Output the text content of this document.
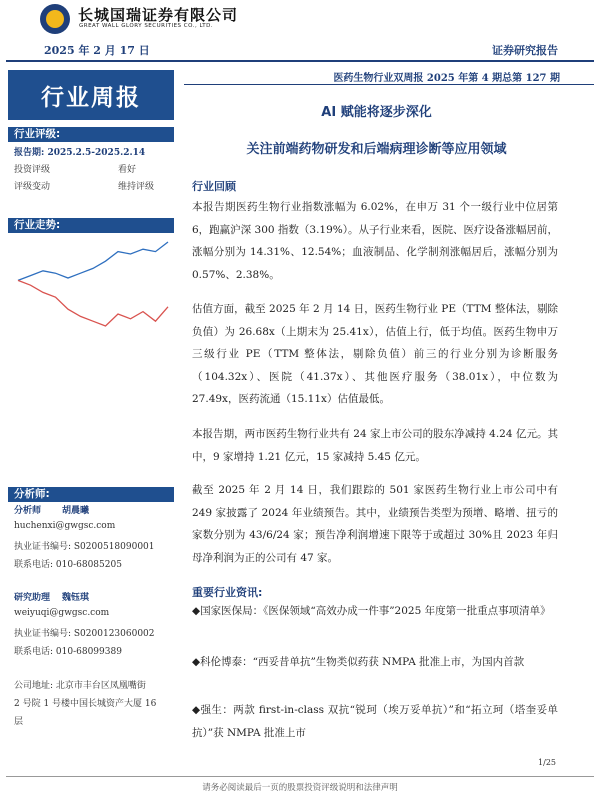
长城国瑞证券有限公司
GREAT WALL GLORY SECURITIES CO., LTD.
2025 年 2 月 17 日	证券研究报告
行业周报
行业评级:
报告期: 2025.2.5-2025.2.14
投资评级	看好
评级变动	维持评级
行业走势:
分析师:
分析师 胡晨曦
huchenxi@gwgsc.com
执业证书编号: S0200518090001
联系电话: 010-68085205
研究助理 魏钰琪
weiyuqi@gwgsc.com
执业证书编号: S0200123060002
联系电话: 010-68099389
公司地址: 北京市丰台区凤凰嘴街
2 号院 1 号楼中国长城资产大厦 16
层
医药生物行业双周报 2025 年第 4 期总第 127 期
AI 赋能将逐步深化
关注前端药物研发和后端病理诊断等应用领域
行业回顾
本报告期医药生物行业指数涨幅为 6.02%，在申万 31 个一级行业中位居第 6，跑赢沪深 300 指数（3.19%）。从子行业来看，医院、医疗设备涨幅居前，涨幅分别为 14.31%、12.54%；血液制品、化学制剂涨幅居后，涨幅分别为 0.57%、2.38%。
估值方面，截至 2025 年 2 月 14 日，医药生物行业 PE（TTM 整体法，剔除负值）为 26.68x（上期末为 25.41x），估值上行，低于均值。医药生物申万三级行业 PE（TTM 整体法，剔除负值）前三的行业分别为诊断服务（104.32x）、医院（41.37x）、其他医疗服务（38.01x），中位数为 27.49x，医药流通（15.11x）估值最低。
本报告期，两市医药生物行业共有 24 家上市公司的股东净减持 4.24 亿元。其中，9 家增持 1.21 亿元，15 家减持 5.45 亿元。
截至 2025 年 2 月 14 日，我们跟踪的 501 家医药生物行业上市公司中有 249 家披露了 2024 年业绩预告。其中，业绩预告类型为预增、略增、扭亏的家数分别为 43/6/24 家；预告净利润增速下限等于或超过 30%且 2023 年归母净利润为正的公司有 47 家。
重要行业资讯:
◆国家医保局：《医保领域“高效办成一件事”2025 年度第一批重点事项清单》
◆科伦博泰：“西妥昔单抗”生物类似药获 NMPA 批准上市，为国内首款
◆强生：两款 first-in-class 双抗“锐珂（埃万妥单抗）”和“拓立珂（塔奎妥单抗）”获 NMPA 批准上市
1/25
请务必阅读最后一页的股票投资评级说明和法律声明
